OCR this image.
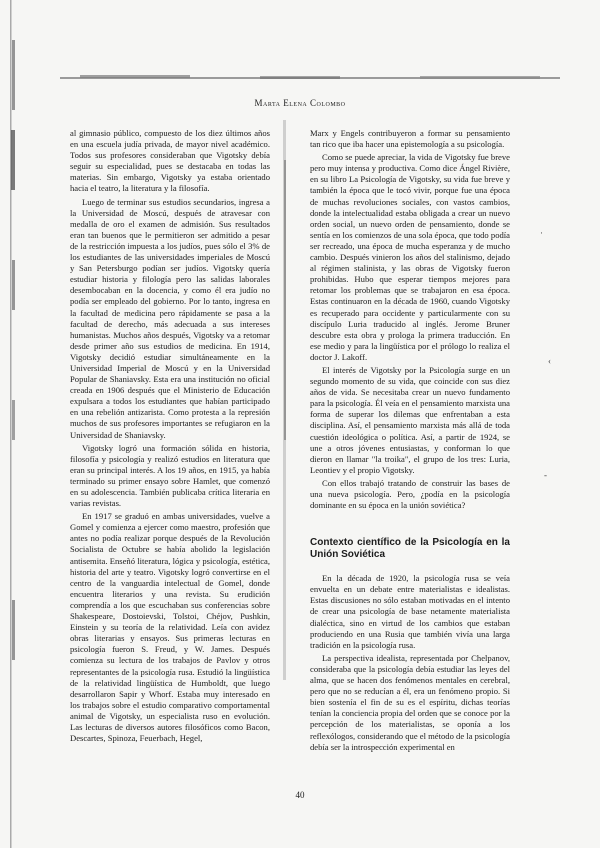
Marta Elena Colombo

al gimnasio público, compuesto de los diez últimos años en una escuela judía privada, de mayor nivel académico. Todos sus profesores consideraban que Vigotsky debía seguir su especialidad, pues se destacaba en todas las materias. Sin embargo, Vigotsky ya estaba orientado hacia el teatro, la literatura y la filosofía.

Luego de terminar sus estudios secundarios, ingresa a la Universidad de Moscú, después de atravesar con medalla de oro el examen de admisión. Sus resultados eran tan buenos que le permitieron ser admitido a pesar de la restricción impuesta a los judíos, pues sólo el 3% de los estudiantes de las universidades imperiales de Moscú y San Petersburgo podían ser judíos. Vigotsky quería estudiar historia y filología pero las salidas laborales desembocaban en la docencia, y como él era judío no podía ser empleado del gobierno. Por lo tanto, ingresa en la facultad de medicina pero rápidamente se pasa a la facultad de derecho, más adecuada a sus intereses humanistas. Muchos años después, Vigotsky va a retomar desde primer año sus estudios de medicina. En 1914, Vigotsky decidió estudiar simultáneamente en la Universidad Imperial de Moscú y en la Universidad Popular de Shaniavsky. Esta era una institución no oficial creada en 1906 después que el Ministerio de Educación expulsara a todos los estudiantes que habían participado en una rebelión antizarista. Como protesta a la represión muchos de sus profesores importantes se refugiaron en la Universidad de Shaniavsky.

Vigotsky logró una formación sólida en historia, filosofía y psicología y realizó estudios en literatura que eran su principal interés. A los 19 años, en 1915, ya había terminado su primer ensayo sobre Hamlet, que comenzó en su adolescencia. También publicaba crítica literaria en varias revistas.

En 1917 se graduó en ambas universidades, vuelve a Gomel y comienza a ejercer como maestro, profesión que antes no podía realizar porque después de la Revolución Socialista de Octubre se había abolido la legislación antisemita. Enseñó literatura, lógica y psicología, estética, historia del arte y teatro. Vigotsky logró convertirse en el centro de la vanguardia intelectual de Gomel, donde encuentra literarios y una revista. Su erudición comprendía a los que escuchaban sus conferencias sobre Shakespeare, Dostoievski, Tolstoi, Chéjov, Pushkin, Einstein y su teoría de la relatividad. Leía con avidez obras literarias y ensayos. Sus primeras lecturas en psicología fueron S. Freud, y W. James. Después comienza su lectura de los trabajos de Pavlov y otros representantes de la psicología rusa. Estudió la lingüística de la relatividad lingüística de Humboldt, que luego desarrollaron Sapir y Whorf. Estaba muy interesado en los trabajos sobre el estudio comparativo comportamental animal de Vigotsky, un especialista ruso en evolución. Las lecturas de diversos autores filosóficos como Bacon, Descartes, Spinoza, Feuerbach, Hegel,

Marx y Engels contribuyeron a formar su pensamiento tan rico que iba hacer una epistemología a su psicología.

Como se puede apreciar, la vida de Vigotsky fue breve pero muy intensa y productiva. Como dice Ángel Rivière, en su libro La Psicología de Vigotsky, su vida fue breve y también la época que le tocó vivir, porque fue una época de muchas revoluciones sociales, con vastos cambios, donde la intelectualidad estaba obligada a crear un nuevo orden social, un nuevo orden de pensamiento, donde se sentía en los comienzos de una sola época, que todo podía ser recreado, una época de mucha esperanza y de mucho cambio. Después vinieron los años del stalinismo, dejado al régimen stalinista, y las obras de Vigotsky fueron prohibidas. Hubo que esperar tiempos mejores para retomar los problemas que se trabajaron en esa época. Estas continuaron en la década de 1960, cuando Vigotsky es recuperado para occidente y particularmente con su discípulo Luria traducido al inglés. Jerome Bruner descubre esta obra y prologa la primera traducción. En ese medio y para la lingüística por el prólogo lo realiza el doctor J. Lakoff.

El interés de Vigotsky por la Psicología surge en un segundo momento de su vida, que coincide con sus diez años de vida. Se necesitaba crear un nuevo fundamento para la psicología. Él veía en el pensamiento marxista una forma de superar los dilemas que enfrentaban a esta disciplina. Así, el pensamiento marxista más allá de toda cuestión ideológica o política. Así, a partir de 1924, se une a otros jóvenes entusiastas, y conforman lo que dieron en llamar "la troika", el grupo de los tres: Luria, Leontiev y el propio Vigotsky.

Con ellos trabajó tratando de construir las bases de una nueva psicología. Pero, ¿podía en la psicología dominante en su época en la unión soviética?

Contexto científico de la Psicología en la Unión Soviética

En la década de 1920, la psicología rusa se veía envuelta en un debate entre materialistas e idealistas. Estas discusiones no sólo estaban motivadas en el intento de crear una psicología de base netamente materialista dialéctica, sino en virtud de los cambios que estaban produciendo en una Rusia que también vivía una larga tradición en la psicología rusa.

La perspectiva idealista, representada por Chelpanov, consideraba que la psicología debía estudiar las leyes del alma, que se hacen dos fenómenos mentales en cerebral, pero que no se reducían a él, era un fenómeno propio. Si bien sostenía el fin de su es el espíritu, dichas teorías tenían la conciencia propia del orden que se conoce por la percepción de los materialistas, se oponía a los reflexólogos, considerando que el método de la psicología debía ser la introspección experimental en

40
·
‹
-
